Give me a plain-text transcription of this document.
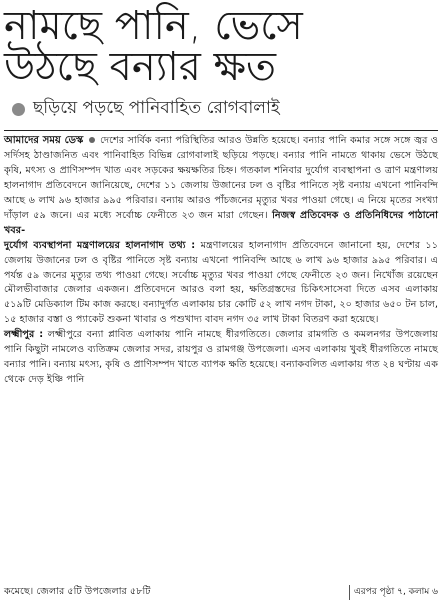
নামছে পানি, ভেসে
উঠছে বন্যার ক্ষত
ছড়িয়ে পড়ছে পানিবাহিত রোগবালাই

আমাদের সময় ডেস্ক দেশের সার্বিক বন্যা পরিস্থিতির আরও উন্নতি হয়েছে। বন্যার পানি কমার সঙ্গে সঙ্গে জ্বর ও সর্দিসহ ঠাণ্ডাজনিত এবং পানিবাহিত বিভিন্ন রোগবালাই ছড়িয়ে পড়ছে। বন্যার পানি নামতে থাকায় ভেসে উঠছে কৃষি, মৎস্য ও প্রাণিসম্পদ খাত এবং সড়কের ক্ষয়ক্ষতির চিহ্ন। গতকাল শনিবার দুর্যোগ ব্যবস্থাপনা ও ত্রাণ মন্ত্রণালয় হালনাগাদ প্রতিবেদনে জানিয়েছে, দেশের ১১ জেলায় উজানের ঢল ও বৃষ্টির পানিতে সৃষ্ট বন্যায় এখনো পানিবন্দি আছে ৬ লাখ ৯৬ হাজার ৯৯৫ পরিবার। বন্যায় আরও পাঁচজনের মৃত্যুর খবর পাওয়া গেছে। এ নিয়ে মৃতের সংখ্যা দাঁড়াল ৫৯ জনে। এর মধ্যে সর্বোচ্চ ফেনীতে ২৩ জন মারা গেছেন। নিজস্ব প্রতিবেদক ও প্রতিনিধিদের পাঠানো খবর-

দুর্যোগ ব্যবস্থাপনা মন্ত্রণালয়ের হালনাগাদ তথ্য : মন্ত্রণালয়ের হালনাগাদ প্রতিবেদনে জানানো হয়, দেশের ১১ জেলায় উজানের ঢল ও বৃষ্টির পানিতে সৃষ্ট বন্যায় এখনো পানিবন্দি আছে ৬ লাখ ৯৬ হাজার ৯৯৫ পরিবার। এ পর্যন্ত ৫৯ জনের মৃত্যুর তথ্য পাওয়া গেছে। সর্বোচ্চ মৃত্যুর খবর পাওয়া গেছে ফেনীতে ২৩ জন। নিখোঁজ রয়েছেন মৌলভীবাজার জেলার একজন। প্রতিবেদনে আরও বলা হয়, ক্ষতিগ্রস্তদের চিকিৎসাসেবা দিতে এসব এলাকায় ৫১৯টি মেডিক্যাল টিম কাজ করছে। বন্যাদুর্গত এলাকায় চার কোটি ৫২ লাখ নগদ টাকা, ২০ হাজার ৬৫০ টন চাল, ১৫ হাজার বস্তা ও প্যাকেট শুকনা খাবার ও পশুখাদ্য বাবদ নগদ ৩৫ লাখ টাকা বিতরণ করা হয়েছে।

লক্ষ্মীপুর : লক্ষ্মীপুরে বন্যা প্লাবিত এলাকায় পানি নামছে ধীরগতিতে। জেলার রামগতি ও কমলনগর উপজেলায় পানি কিছুটা নামলেও ব্যতিক্রম জেলার সদর, রায়পুর ও রামগঞ্জ উপজেলা। এসব এলাকায় খুবই ধীরগতিতে নামছে বন্যার পানি। বন্যায় মৎস্য, কৃষি ও প্রাণিসম্পদ খাতে ব্যাপক ক্ষতি হয়েছে। বন্যাকবলিত এলাকায় গত ২৪ ঘণ্টায় এক থেকে দেড় ইঞ্চি পানি

কমেছে। জেলার ৫টি উপজেলার ৫৮টি	এরপর পৃষ্ঠা ৭, কলাম ৬
